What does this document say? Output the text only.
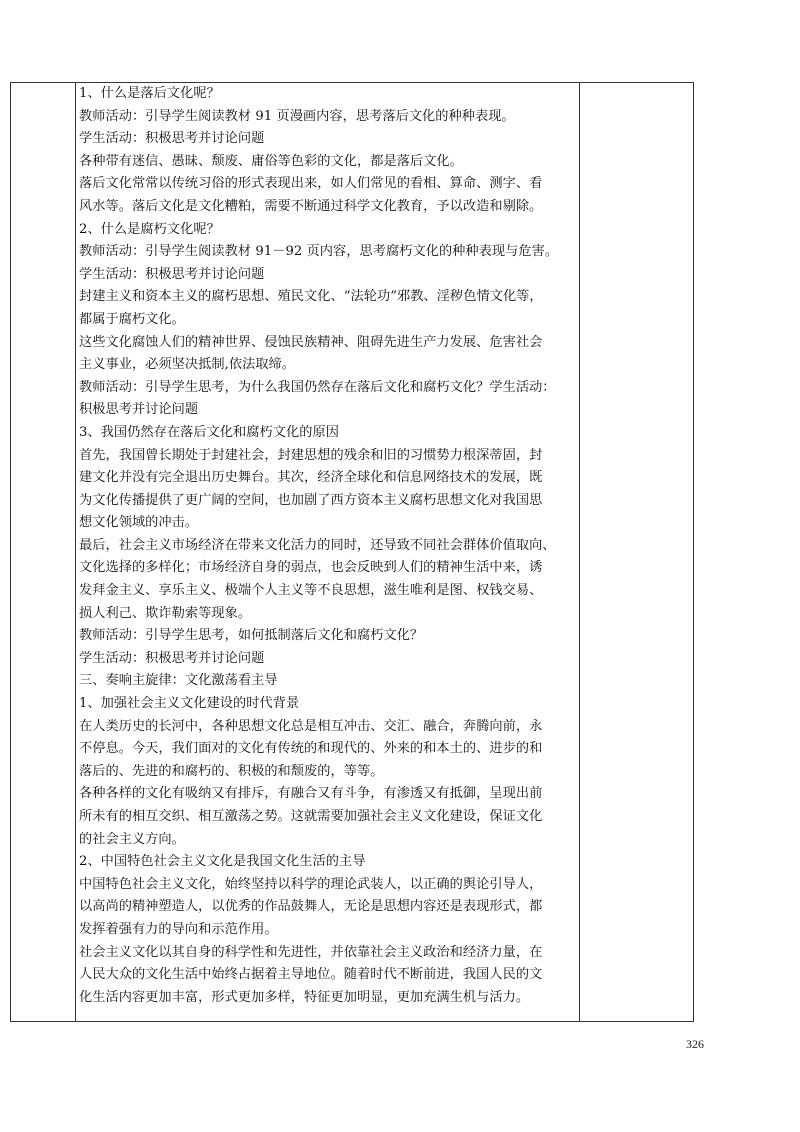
1、什么是落后文化呢？
教师活动：引导学生阅读教材 91 页漫画内容，思考落后文化的种种表现。
学生活动：积极思考并讨论问题
各种带有迷信、愚昧、颓废、庸俗等色彩的文化，都是落后文化。
落后文化常常以传统习俗的形式表现出来，如人们常见的看相、算命、测字、看
风水等。落后文化是文化糟粕，需要不断通过科学文化教育，予以改造和剔除。
2、什么是腐朽文化呢？
教师活动：引导学生阅读教材 91－92 页内容，思考腐朽文化的种种表现与危害。
学生活动：积极思考并讨论问题
封建主义和资本主义的腐朽思想、殖民文化、“法轮功”邪教、淫秽色情文化等，
都属于腐朽文化。
这些文化腐蚀人们的精神世界、侵蚀民族精神、阻碍先进生产力发展、危害社会
主义事业，必须坚决抵制,依法取缔。
教师活动：引导学生思考，为什么我国仍然存在落后文化和腐朽文化？学生活动：
积极思考并讨论问题
3、我国仍然存在落后文化和腐朽文化的原因
首先，我国曾长期处于封建社会，封建思想的残余和旧的习惯势力根深蒂固，封
建文化并没有完全退出历史舞台。其次，经济全球化和信息网络技术的发展，既
为文化传播提供了更广阔的空间，也加剧了西方资本主义腐朽思想文化对我国思
想文化领域的冲击。
最后，社会主义市场经济在带来文化活力的同时，还导致不同社会群体价值取向、
文化选择的多样化；市场经济自身的弱点，也会反映到人们的精神生活中来，诱
发拜金主义、享乐主义、极端个人主义等不良思想，滋生唯利是图、权钱交易、
损人利己、欺诈勒索等现象。
教师活动：引导学生思考，如何抵制落后文化和腐朽文化？
学生活动：积极思考并讨论问题
三、奏响主旋律：文化激荡看主导
1、加强社会主义文化建设的时代背景
在人类历史的长河中，各种思想文化总是相互冲击、交汇、融合，奔腾向前，永
不停息。今天，我们面对的文化有传统的和现代的、外来的和本土的、进步的和
落后的、先进的和腐朽的、积极的和颓废的，等等。
各种各样的文化有吸纳又有排斥，有融合又有斗争，有渗透又有抵御，呈现出前
所未有的相互交织、相互激荡之势。这就需要加强社会主义文化建设，保证文化
的社会主义方向。
2、中国特色社会主义文化是我国文化生活的主导
中国特色社会主义文化，始终坚持以科学的理论武装人，以正确的舆论引导人，
以高尚的精神塑造人，以优秀的作品鼓舞人，无论是思想内容还是表现形式，都
发挥着强有力的导向和示范作用。
社会主义文化以其自身的科学性和先进性，并依靠社会主义政治和经济力量，在
人民大众的文化生活中始终占据着主导地位。随着时代不断前进，我国人民的文
化生活内容更加丰富，形式更加多样，特征更加明显，更加充满生机与活力。
326
